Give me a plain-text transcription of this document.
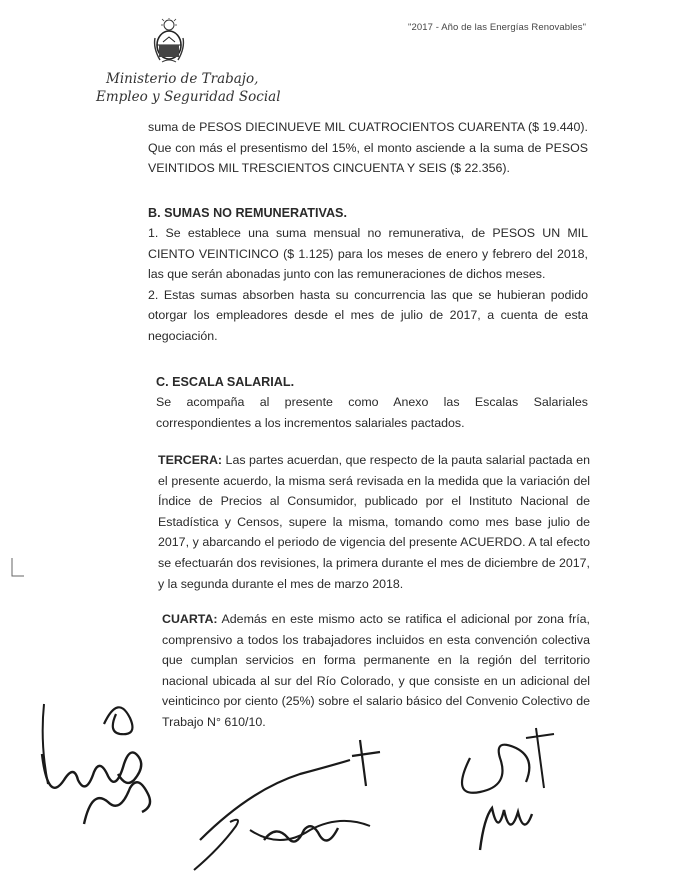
Ministerio de Trabajo,
Empleo y Seguridad Social
"2017 - Año de las Energías Renovables"

suma de PESOS DIECINUEVE MIL CUATROCIENTOS CUARENTA ($ 19.440). Que con más el presentismo del 15%, el monto asciende a la suma de PESOS VEINTIDOS MIL TRESCIENTOS CINCUENTA Y SEIS ($ 22.356).

B. SUMAS NO REMUNERATIVAS.

1. Se establece una suma mensual no remunerativa, de PESOS UN MIL CIENTO VEINTICINCO ($ 1.125) para los meses de enero y febrero del 2018, las que serán abonadas junto con las remuneraciones de dichos meses.

2. Estas sumas absorben hasta su concurrencia las que se hubieran podido otorgar los empleadores desde el mes de julio de 2017, a cuenta de esta negociación.

C. ESCALA SALARIAL.

Se acompaña al presente como Anexo las Escalas Salariales correspondientes a los incrementos salariales pactados.

TERCERA: Las partes acuerdan, que respecto de la pauta salarial pactada en el presente acuerdo, la misma será revisada en la medida que la variación del Índice de Precios al Consumidor, publicado por el Instituto Nacional de Estadística y Censos, supere la misma, tomando como mes base julio de 2017, y abarcando el periodo de vigencia del presente ACUERDO. A tal efecto se efectuarán dos revisiones, la primera durante el mes de diciembre de 2017, y la segunda durante el mes de marzo 2018.

CUARTA: Además en este mismo acto se ratifica el adicional por zona fría, comprensivo a todos los trabajadores incluidos en esta convención colectiva que cumplan servicios en forma permanente en la región del territorio nacional ubicada al sur del Río Colorado, y que consiste en un adicional del veinticinco por ciento (25%) sobre el salario básico del Convenio Colectivo de Trabajo N° 610/10.
